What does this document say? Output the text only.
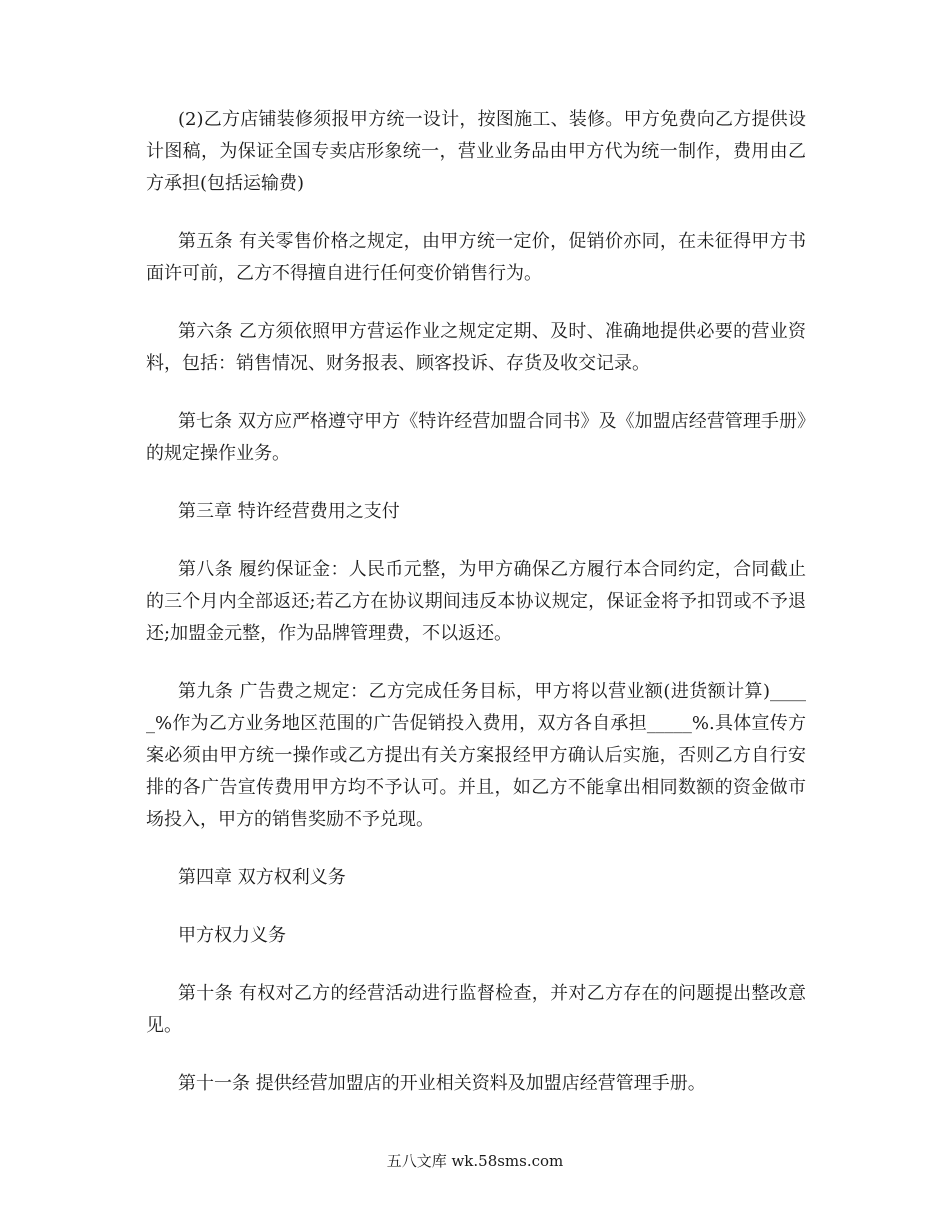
(2)乙方店铺装修须报甲方统一设计，按图施工、装修。甲方免费向乙方提供设计图稿，为保证全国专卖店形象统一，营业业务品由甲方代为统一制作，费用由乙方承担(包括运输费)

第五条 有关零售价格之规定，由甲方统一定价，促销价亦同，在未征得甲方书面许可前，乙方不得擅自进行任何变价销售行为。

第六条 乙方须依照甲方营运作业之规定定期、及时、准确地提供必要的营业资料，包括：销售情况、财务报表、顾客投诉、存货及收交记录。

第七条 双方应严格遵守甲方《特许经营加盟合同书》及《加盟店经营管理手册》的规定操作业务。

第三章 特许经营费用之支付

第八条 履约保证金：人民币元整，为甲方确保乙方履行本合同约定，合同截止的三个月内全部返还;若乙方在协议期间违反本协议规定，保证金将予扣罚或不予退还;加盟金元整，作为品牌管理费，不以返还。

第九条 广告费之规定：乙方完成任务目标，甲方将以营业额(进货额计算)_____%作为乙方业务地区范围的广告促销投入费用，双方各自承担_____%.具体宣传方案必须由甲方统一操作或乙方提出有关方案报经甲方确认后实施，否则乙方自行安排的各广告宣传费用甲方均不予认可。并且，如乙方不能拿出相同数额的资金做市场投入，甲方的销售奖励不予兑现。

第四章 双方权利义务

甲方权力义务

第十条 有权对乙方的经营活动进行监督检查，并对乙方存在的问题提出整改意见。

第十一条 提供经营加盟店的开业相关资料及加盟店经营管理手册。

五八文库 wk.58sms.com
